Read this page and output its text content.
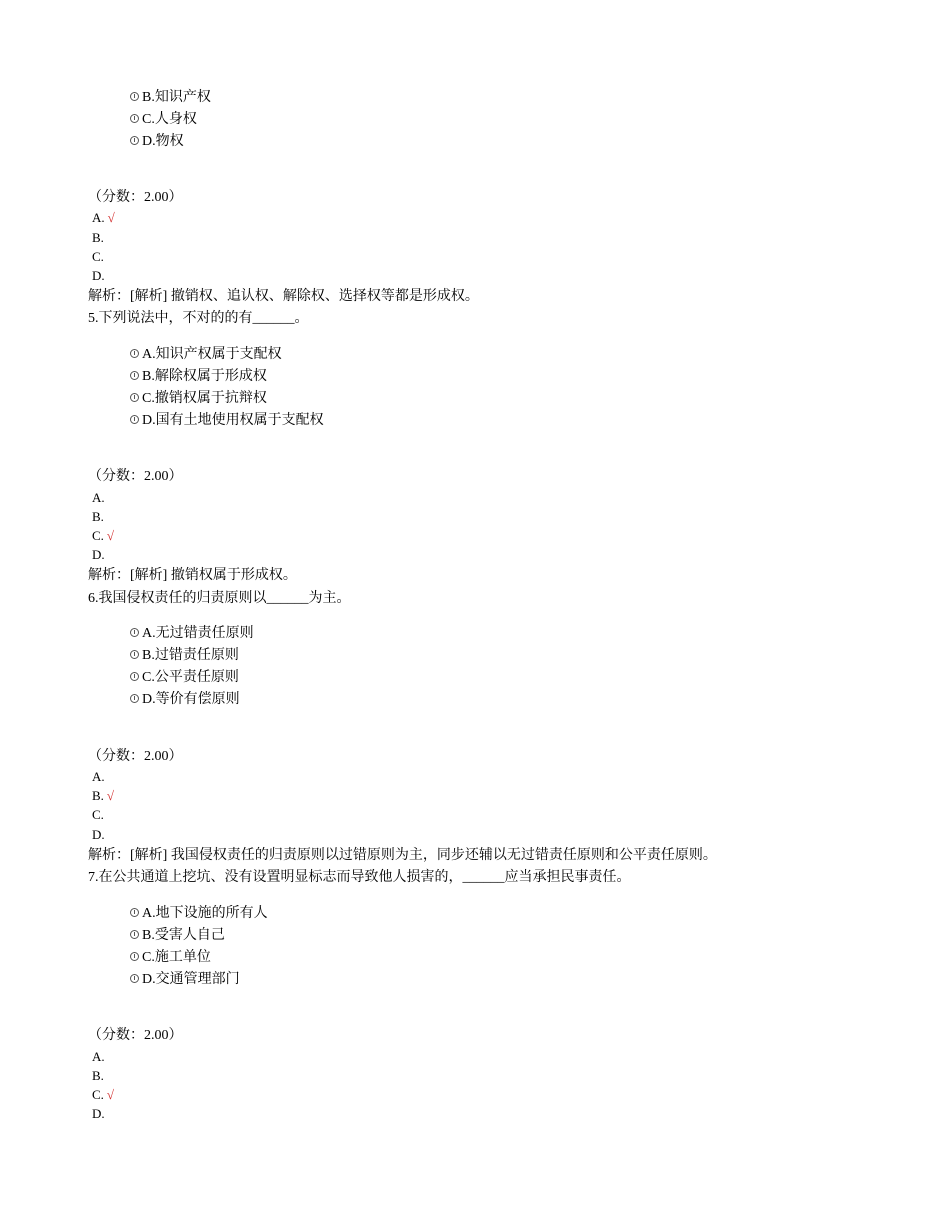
B.知识产权
C.人身权
D.物权
（分数：2.00）
A. √
B.
C.
D.
解析：[解析] 撤销权、追认权、解除权、选择权等都是形成权。
5.下列说法中，不对的的有______。
A.知识产权属于支配权
B.解除权属于形成权
C.撤销权属于抗辩权
D.国有土地使用权属于支配权
（分数：2.00）
A.
B.
C. √
D.
解析：[解析] 撤销权属于形成权。
6.我国侵权责任的归责原则以______为主。
A.无过错责任原则
B.过错责任原则
C.公平责任原则
D.等价有偿原则
（分数：2.00）
A.
B. √
C.
D.
解析：[解析] 我国侵权责任的归责原则以过错原则为主，同步还辅以无过错责任原则和公平责任原则。
7.在公共通道上挖坑、没有设置明显标志而导致他人损害的，______应当承担民事责任。
A.地下设施的所有人
B.受害人自己
C.施工单位
D.交通管理部门
（分数：2.00）
A.
B.
C. √
D.
